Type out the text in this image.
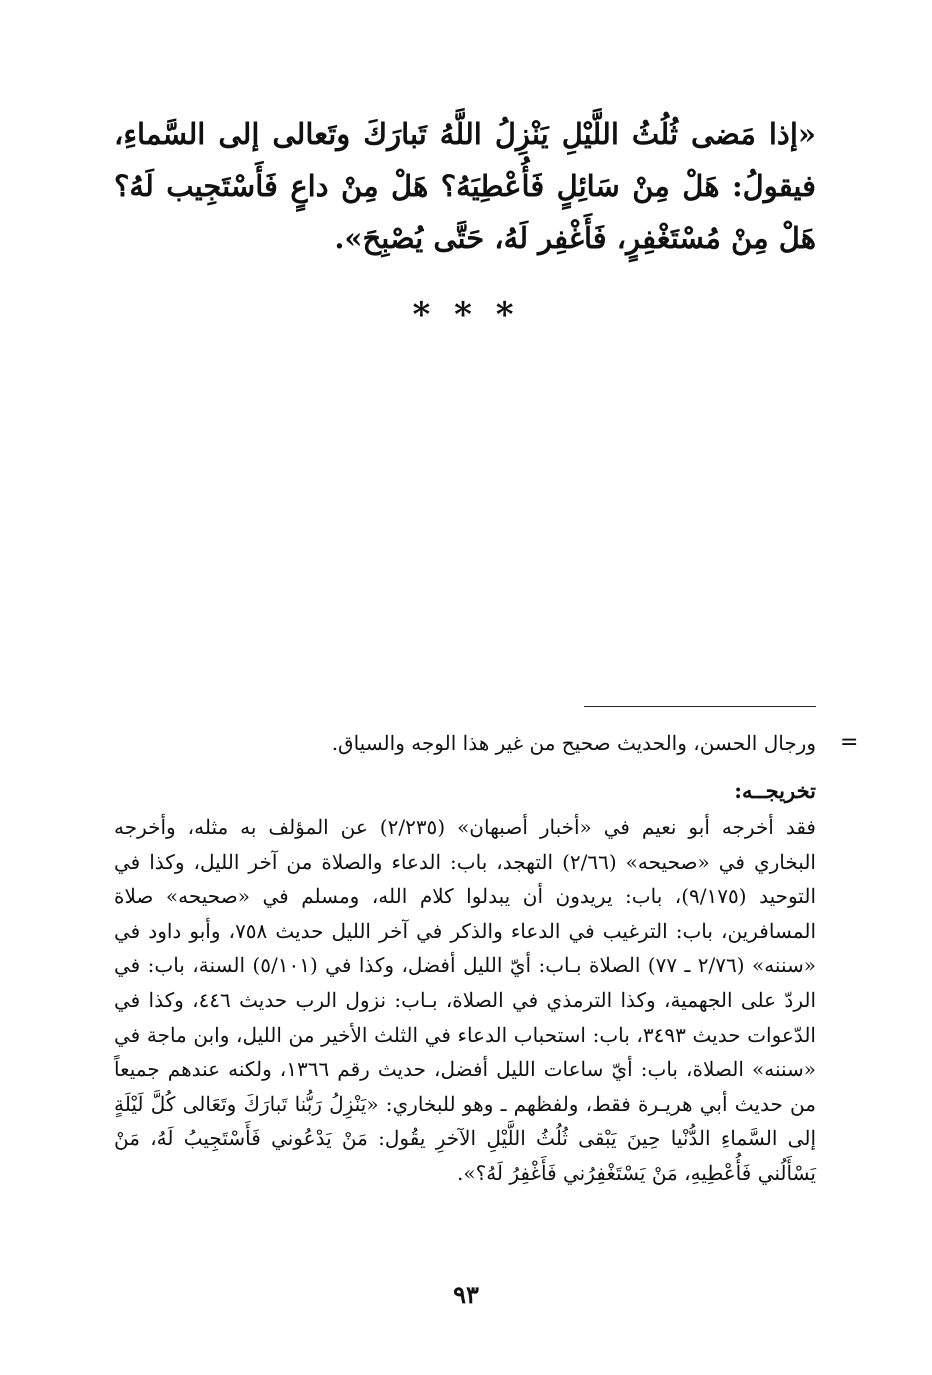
«إذا مَضى ثُلُثُ اللَّيْلِ يَنْزِلُ اللَّهُ تَبارَكَ وتَعالى إلى السَّماءِ، فيقولُ: هَلْ مِنْ سَائِلٍ فَأُعْطِيَهُ؟ هَلْ مِنْ داعٍ فَأَسْتَجِيب لَهُ؟ هَلْ مِنْ مُسْتَغْفِرٍ، فَأَغْفِر لَهُ، حَتَّى يُصْبِحَ».

* * *
=

ورجال الحسن، والحديث صحيح من غير هذا الوجه والسياق.

تخريجــه:

فقد أخرجه أبو نعيم في «أخبار أصبهان» (٢/٢٣٥) عن المؤلف به مثله، وأخرجه البخاري في «صحيحه» (٢/٦٦) التهجد، باب: الدعاء والصلاة من آخر الليل، وكذا في التوحيد (٩/١٧٥)، باب: يريدون أن يبدلوا كلام الله، ومسلم في «صحيحه» صلاة المسافرين، باب: الترغيب في الدعاء والذكر في آخر الليل حديث ٧٥٨، وأبو داود في «سننه» (٢/٧٦ ـ ٧٧) الصلاة بـاب: أيّ الليل أفضل، وكذا في (٥/١٠١) السنة، باب: في الردّ على الجهمية، وكذا الترمذي في الصلاة، بـاب: نزول الرب حديث ٤٤٦، وكذا في الدّعوات حديث ٣٤٩٣، باب: استحباب الدعاء في الثلث الأخير من الليل، وابن ماجة في «سننه» الصلاة، باب: أيّ ساعات الليل أفضل، حديث رقم ١٣٦٦، ولكنه عندهم جميعاً من حديث أبي هريـرة فقط، ولفظهم ـ وهو للبخاري: «يَنْزِلُ رَبُّنا تَبارَكَ وتَعَالى كُلَّ لَيْلَةٍ إلى السَّماءِ الدُّنْيا حِينَ يَبْقى ثُلُثُ اللَّيْلِ الآخرِ يقُول: مَنْ يَدْعُوني فَأَسْتَجِيبُ لَهُ، مَنْ يَسْأَلُني فَأُعْطِيهِ، مَنْ يَسْتَغْفِرُني فَأَغْفِرُ لَهُ؟».

٩٣
